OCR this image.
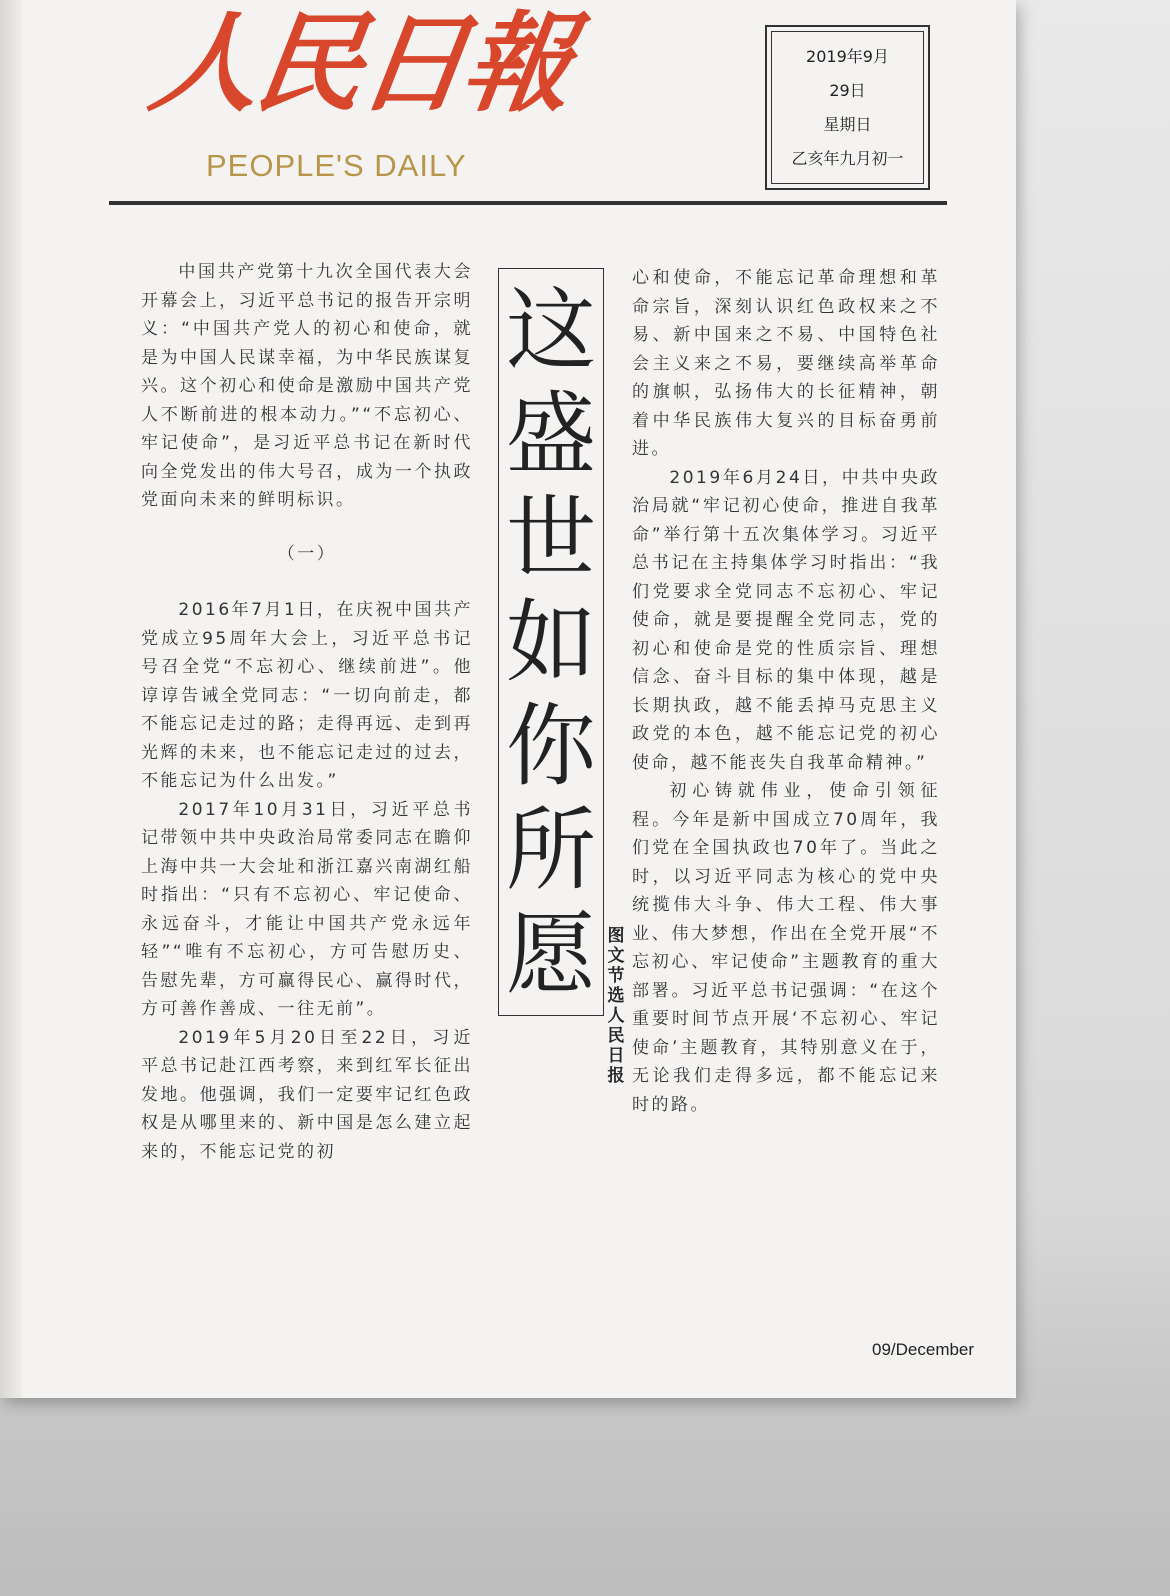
人民日報
PEOPLE'S DAILY
2019年9月
29日
星期日
乙亥年九月初一

中国共产党第十九次全国代表大会开幕会上，习近平总书记的报告开宗明义：“中国共产党人的初心和使命，就是为中国人民谋幸福，为中华民族谋复兴。这个初心和使命是激励中国共产党人不断前进的根本动力。”“不忘初心、牢记使命”，是习近平总书记在新时代向全党发出的伟大号召，成为一个执政党面向未来的鲜明标识。

（一）

2016年7月1日，在庆祝中国共产党成立95周年大会上，习近平总书记号召全党“不忘初心、继续前进”。他谆谆告诫全党同志：“一切向前走，都不能忘记走过的路；走得再远、走到再光辉的未来，也不能忘记走过的过去，不能忘记为什么出发。”

2017年10月31日，习近平总书记带领中共中央政治局常委同志在瞻仰上海中共一大会址和浙江嘉兴南湖红船时指出：“只有不忘初心、牢记使命、永远奋斗，才能让中国共产党永远年轻”“唯有不忘初心，方可告慰历史、告慰先辈，方可赢得民心、赢得时代，方可善作善成、一往无前”。

2019年5月20日至22日，习近平总书记赴江西考察，来到红军长征出发地。他强调，我们一定要牢记红色政权是从哪里来的、新中国是怎么建立起来的，不能忘记党的初

这
盛
世
如
你
所
愿 图文节选人民日报

心和使命，不能忘记革命理想和革命宗旨，深刻认识红色政权来之不易、新中国来之不易、中国特色社会主义来之不易，要继续高举革命的旗帜，弘扬伟大的长征精神，朝着中华民族伟大复兴的目标奋勇前进。

2019年6月24日，中共中央政治局就“牢记初心使命，推进自我革命”举行第十五次集体学习。习近平总书记在主持集体学习时指出：“我们党要求全党同志不忘初心、牢记使命，就是要提醒全党同志，党的初心和使命是党的性质宗旨、理想信念、奋斗目标的集中体现，越是长期执政，越不能丢掉马克思主义政党的本色，越不能忘记党的初心使命，越不能丧失自我革命精神。”

初心铸就伟业，使命引领征程。今年是新中国成立70周年，我们党在全国执政也70年了。当此之时，以习近平同志为核心的党中央统揽伟大斗争、伟大工程、伟大事业、伟大梦想，作出在全党开展“不忘初心、牢记使命”主题教育的重大部署。习近平总书记强调：“在这个重要时间节点开展‘不忘初心、牢记使命’主题教育，其特别意义在于，无论我们走得多远，都不能忘记来时的路。

09/December
